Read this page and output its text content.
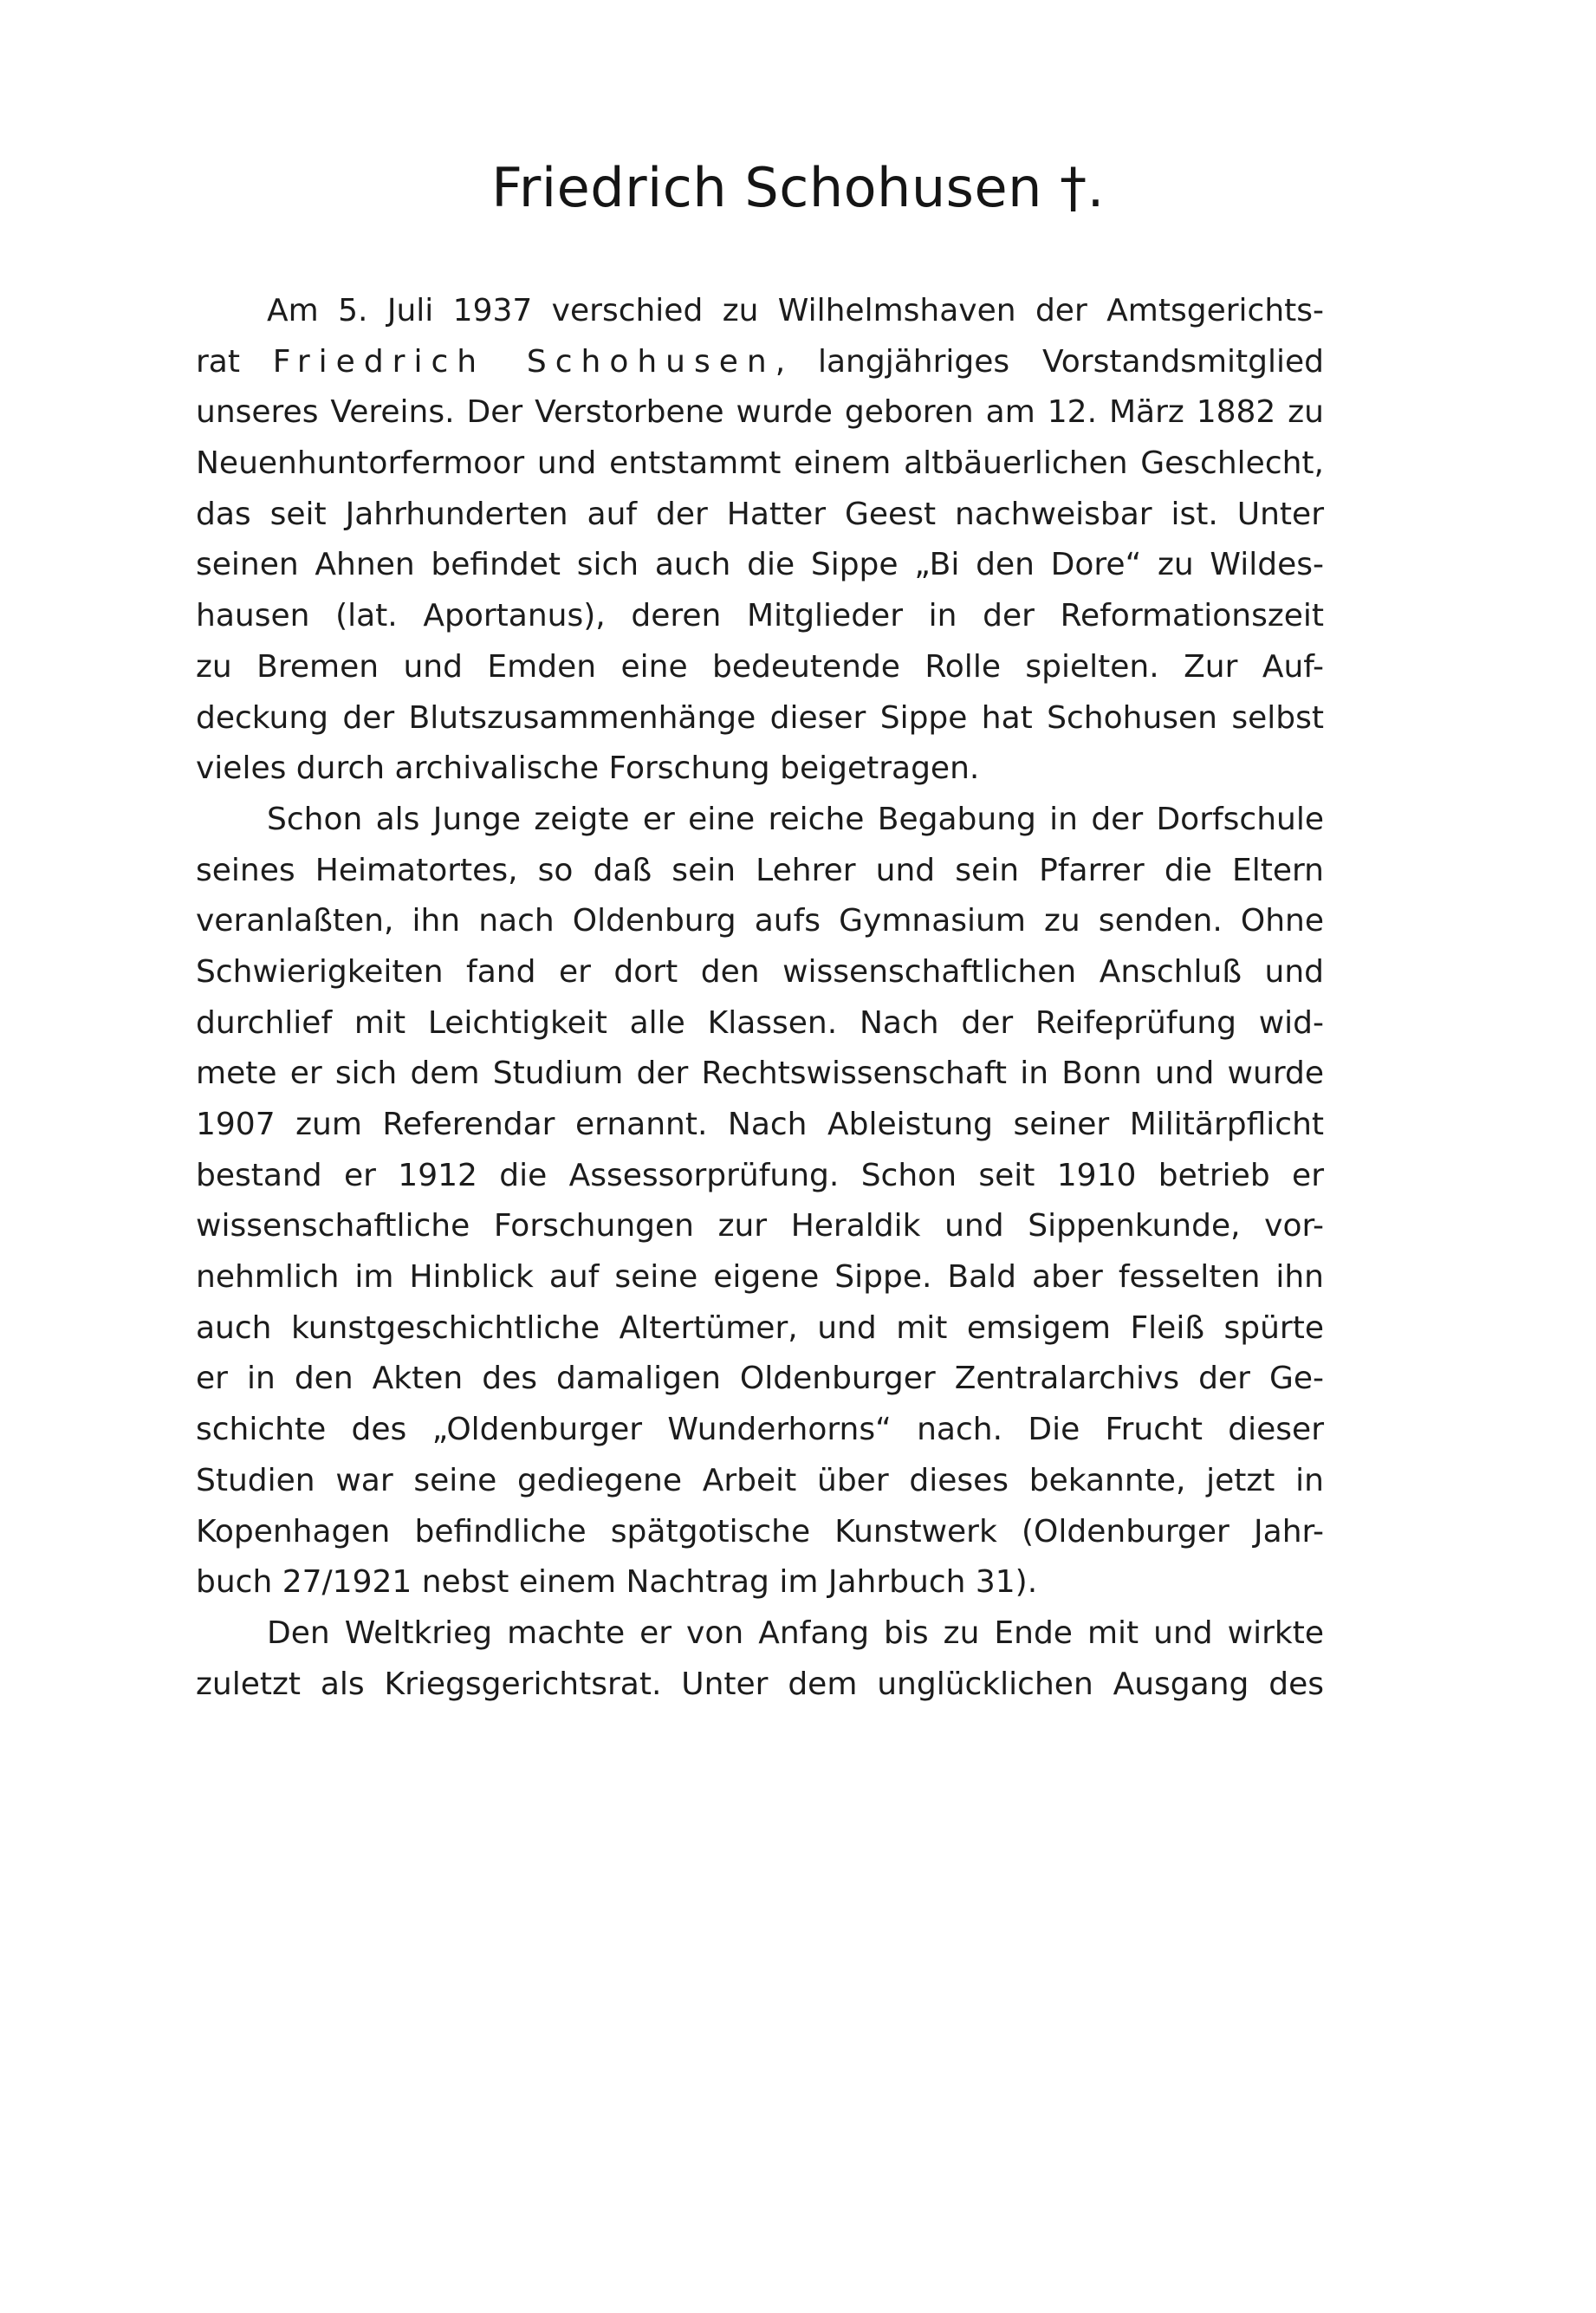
Friedrich Schohusen †.
Am 5. Juli 1937 verschied zu Wilhelmshaven der Amtsgerichts-
rat Friedrich Schohusen, langjähriges Vorstandsmitglied
unseres Vereins. Der Verstorbene wurde geboren am 12. März 1882 zu
Neuenhuntorfermoor und entstammt einem altbäuerlichen Geschlecht,
das seit Jahrhunderten auf der Hatter Geest nachweisbar ist. Unter
seinen Ahnen befindet sich auch die Sippe „Bi den Dore“ zu Wildes-
hausen (lat. Aportanus), deren Mitglieder in der Reformationszeit
zu Bremen und Emden eine bedeutende Rolle spielten. Zur Auf-
deckung der Blutszusammenhänge dieser Sippe hat Schohusen selbst
vieles durch archivalische Forschung beigetragen.
Schon als Junge zeigte er eine reiche Begabung in der Dorfschule
seines Heimatortes, so daß sein Lehrer und sein Pfarrer die Eltern
veranlaßten, ihn nach Oldenburg aufs Gymnasium zu senden. Ohne
Schwierigkeiten fand er dort den wissenschaftlichen Anschluß und
durchlief mit Leichtigkeit alle Klassen. Nach der Reifeprüfung wid-
mete er sich dem Studium der Rechtswissenschaft in Bonn und wurde
1907 zum Referendar ernannt. Nach Ableistung seiner Militärpflicht
bestand er 1912 die Assessorprüfung. Schon seit 1910 betrieb er
wissenschaftliche Forschungen zur Heraldik und Sippenkunde, vor-
nehmlich im Hinblick auf seine eigene Sippe. Bald aber fesselten ihn
auch kunstgeschichtliche Altertümer, und mit emsigem Fleiß spürte
er in den Akten des damaligen Oldenburger Zentralarchivs der Ge-
schichte des „Oldenburger Wunderhorns“ nach. Die Frucht dieser
Studien war seine gediegene Arbeit über dieses bekannte, jetzt in
Kopenhagen befindliche spätgotische Kunstwerk (Oldenburger Jahr-
buch 27/1921 nebst einem Nachtrag im Jahrbuch 31).
Den Weltkrieg machte er von Anfang bis zu Ende mit und wirkte
zuletzt als Kriegsgerichtsrat. Unter dem unglücklichen Ausgang des
